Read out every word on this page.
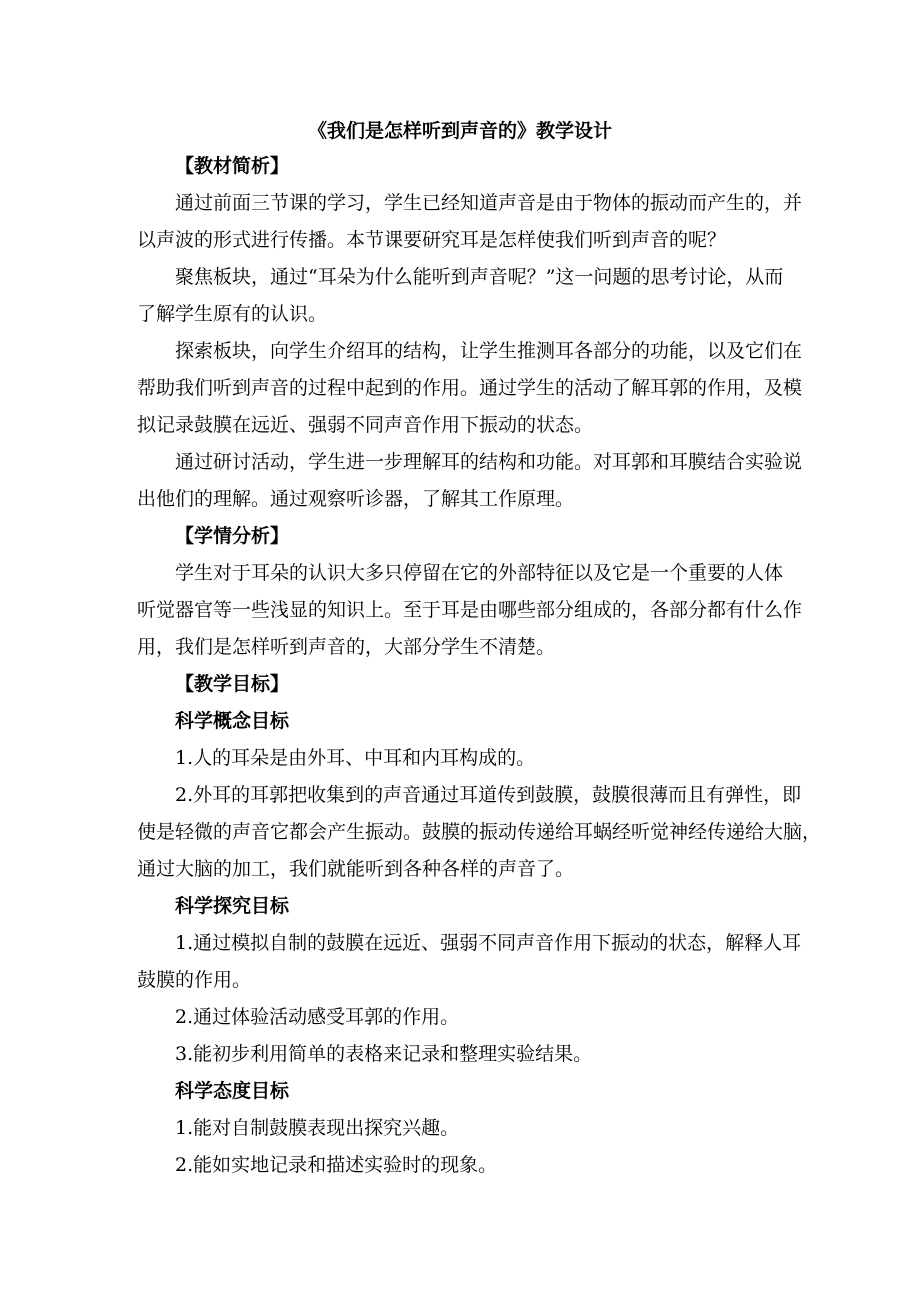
《我们是怎样听到声音的》教学设计

【教材简析】

通过前面三节课的学习，学生已经知道声音是由于物体的振动而产生的，并

以声波的形式进行传播。本节课要研究耳是怎样使我们听到声音的呢？

聚焦板块，通过“耳朵为什么能听到声音呢？”这一问题的思考讨论，从而

了解学生原有的认识。

探索板块，向学生介绍耳的结构，让学生推测耳各部分的功能，以及它们在

帮助我们听到声音的过程中起到的作用。通过学生的活动了解耳郭的作用，及模

拟记录鼓膜在远近、强弱不同声音作用下振动的状态。

通过研讨活动，学生进一步理解耳的结构和功能。对耳郭和耳膜结合实验说

出他们的理解。通过观察听诊器，了解其工作原理。

【学情分析】

学生对于耳朵的认识大多只停留在它的外部特征以及它是一个重要的人体

听觉器官等一些浅显的知识上。至于耳是由哪些部分组成的，各部分都有什么作

用，我们是怎样听到声音的，大部分学生不清楚。

【教学目标】

科学概念目标

1.人的耳朵是由外耳、中耳和内耳构成的。

2.外耳的耳郭把收集到的声音通过耳道传到鼓膜，鼓膜很薄而且有弹性，即

使是轻微的声音它都会产生振动。鼓膜的振动传递给耳蜗经听觉神经传递给大脑，

通过大脑的加工，我们就能听到各种各样的声音了。

科学探究目标

1.通过模拟自制的鼓膜在远近、强弱不同声音作用下振动的状态，解释人耳

鼓膜的作用。

2.通过体验活动感受耳郭的作用。

3.能初步利用简单的表格来记录和整理实验结果。

科学态度目标

1.能对自制鼓膜表现出探究兴趣。

2.能如实地记录和描述实验时的现象。
